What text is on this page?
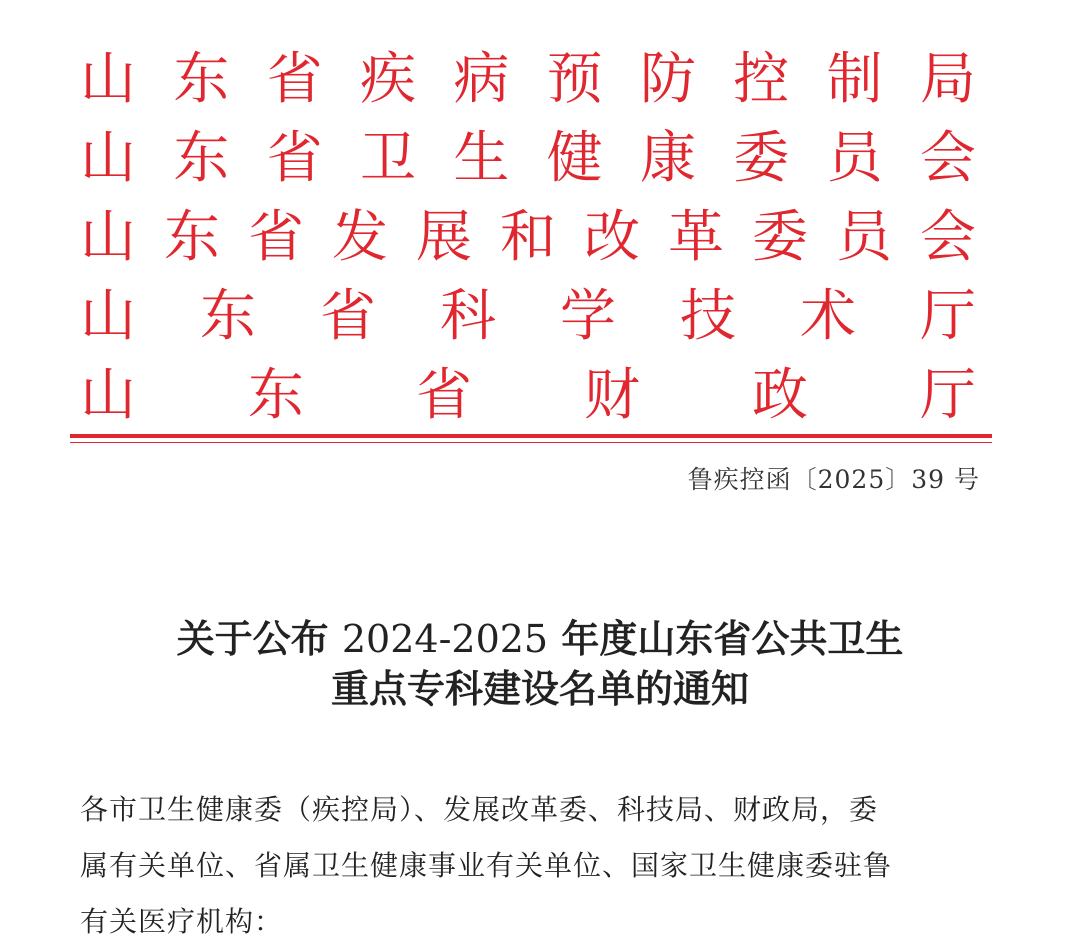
山 东 省 疾 病 预 防 控 制 局
山 东 省 卫 生 健 康 委 员 会
山 东 省 发 展 和 改 革 委 员 会
山 东 省 科 学 技 术 厅
山 东 省 财 政 厅
鲁疾控函〔2025〕39 号
关于公布 2024-2025 年度山东省公共卫生
重点专科建设名单的通知
各市卫生健康委（疾控局）、发展改革委、科技局、财政局，委
属有关单位、省属卫生健康事业有关单位、国家卫生健康委驻鲁
有关医疗机构：
